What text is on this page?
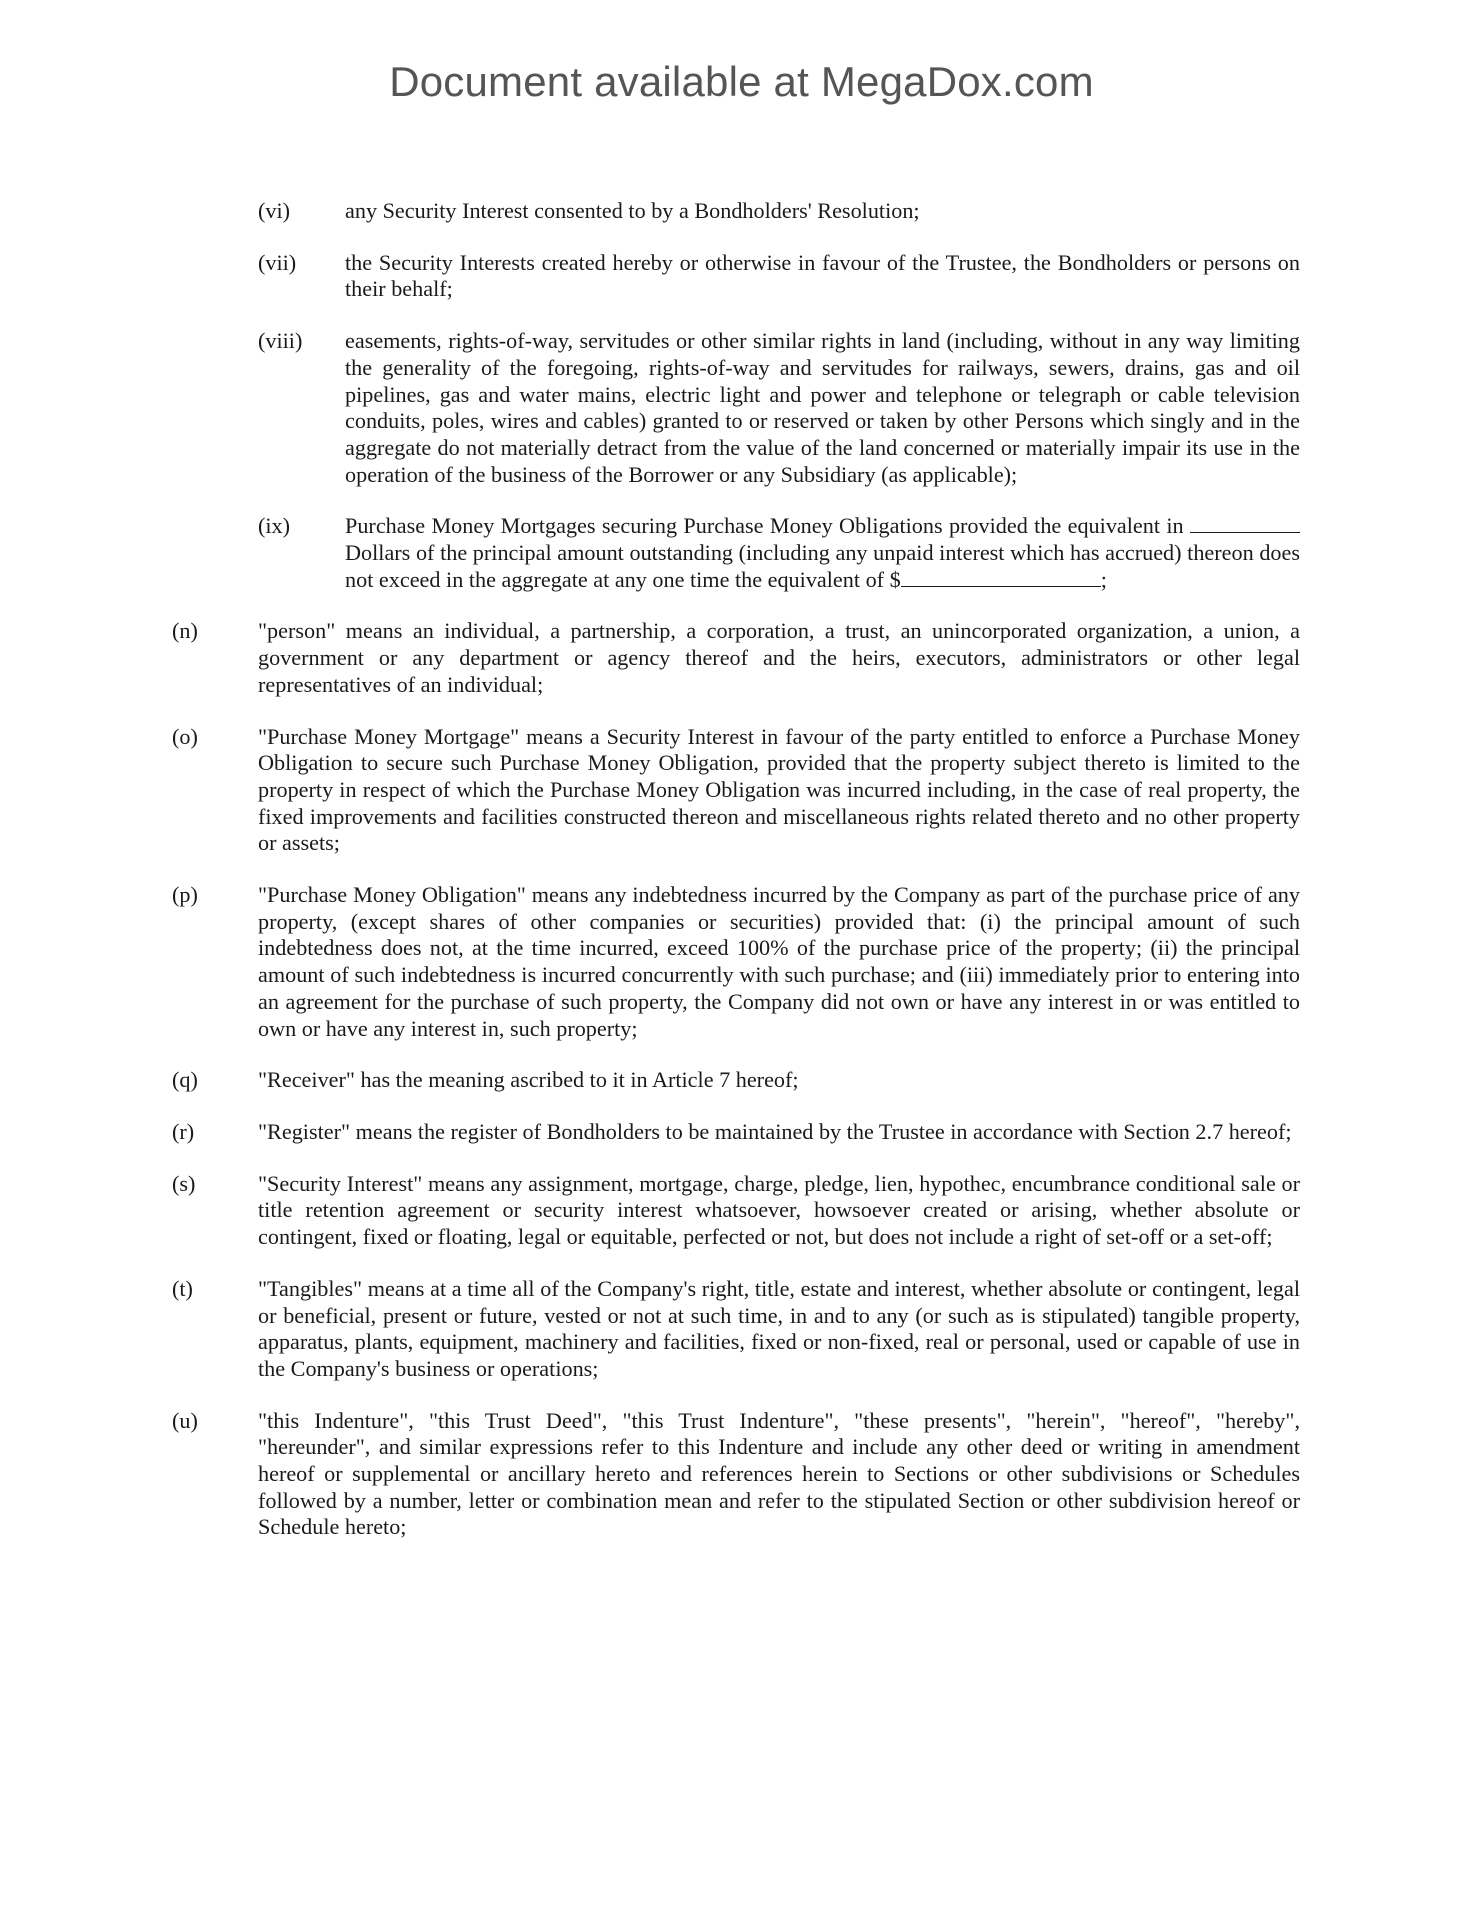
Document available at MegaDox.com
(vi)	any Security Interest consented to by a Bondholders' Resolution;
(vii)	the Security Interests created hereby or otherwise in favour of the Trustee, the Bondholders or persons on their behalf;
(viii)	easements, rights-of-way, servitudes or other similar rights in land (including, without in any way limiting the generality of the foregoing, rights-of-way and servitudes for railways, sewers, drains, gas and oil pipelines, gas and water mains, electric light and power and telephone or telegraph or cable television conduits, poles, wires and cables) granted to or reserved or taken by other Persons which singly and in the aggregate do not materially detract from the value of the land concerned or materially impair its use in the operation of the business of the Borrower or any Subsidiary (as applicable);
(ix)	Purchase Money Mortgages securing Purchase Money Obligations provided the equivalent in  Dollars of the principal amount outstanding (including any unpaid interest which has accrued) thereon does not exceed in the aggregate at any one time the equivalent of $	;
(n)	"person" means an individual, a partnership, a corporation, a trust, an unincorporated organization, a union, a government or any department or agency thereof and the heirs, executors, administrators or other legal representatives of an individual;
(o)	"Purchase Money Mortgage" means a Security Interest in favour of the party entitled to enforce a Purchase Money Obligation to secure such Purchase Money Obligation, provided that the property subject thereto is limited to the property in respect of which the Purchase Money Obligation was incurred including, in the case of real property, the fixed improvements and facilities constructed thereon and miscellaneous rights related thereto and no other property or assets;
(p)	"Purchase Money Obligation" means any indebtedness incurred by the Company as part of the purchase price of any property, (except shares of other companies or securities) provided that: (i) the principal amount of such indebtedness does not, at the time incurred, exceed 100% of the purchase price of the property; (ii) the principal amount of such indebtedness is incurred concurrently with such purchase; and (iii) immediately prior to entering into an agreement for the purchase of such property, the Company did not own or have any interest in or was entitled to own or have any interest in, such property;
(q)	"Receiver" has the meaning ascribed to it in Article 7 hereof;
(r)	"Register" means the register of Bondholders to be maintained by the Trustee in accordance with Section 2.7 hereof;
(s)	"Security Interest" means any assignment, mortgage, charge, pledge, lien, hypothec, encumbrance conditional sale or title retention agreement or security interest whatsoever, howsoever created or arising, whether absolute or contingent, fixed or floating, legal or equitable, perfected or not, but does not include a right of set-off or a set-off;
(t)	"Tangibles" means at a time all of the Company's right, title, estate and interest, whether absolute or contingent, legal or beneficial, present or future, vested or not at such time, in and to any (or such as is stipulated) tangible property, apparatus, plants, equipment, machinery and facilities, fixed or non-fixed, real or personal, used or capable of use in the Company's business or operations;
(u)	"this Indenture", "this Trust Deed", "this Trust Indenture", "these presents", "herein", "hereof", "hereby", "hereunder", and similar expressions refer to this Indenture and include any other deed or writing in amendment hereof or supplemental or ancillary hereto and references herein to Sections or other subdivisions or Schedules followed by a number, letter or combination mean and refer to the stipulated Section or other subdivision hereof or Schedule hereto;
